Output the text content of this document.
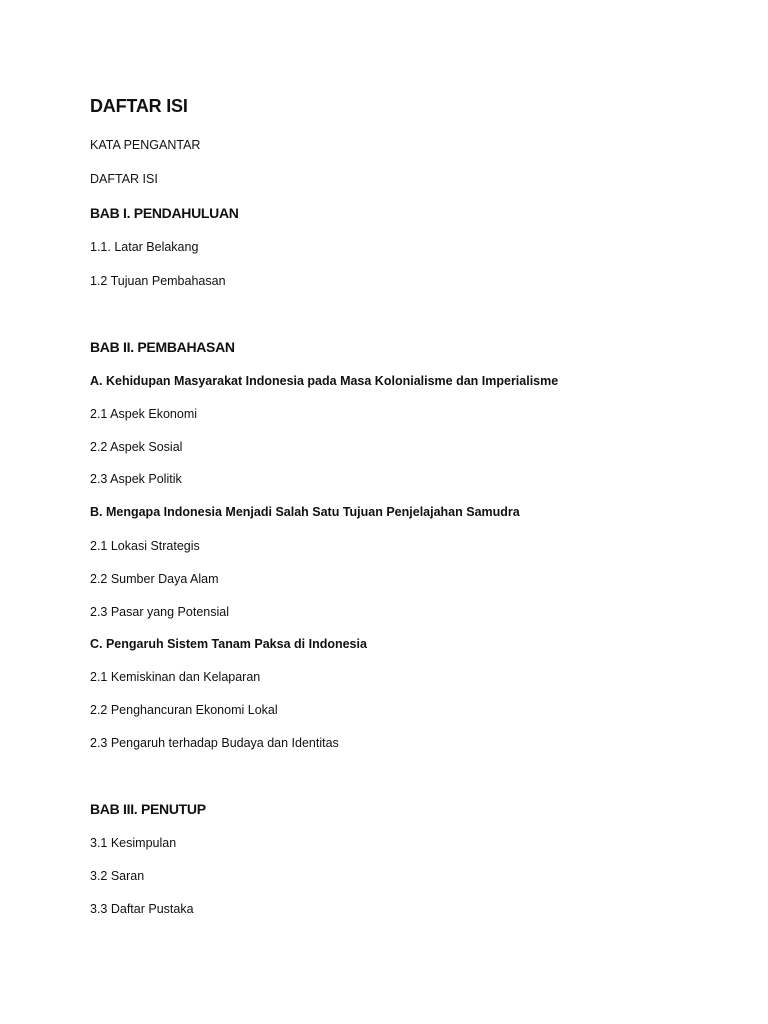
DAFTAR ISI
KATA PENGANTAR
DAFTAR ISI
BAB I. PENDAHULUAN
1.1. Latar Belakang
1.2 Tujuan Pembahasan
BAB II. PEMBAHASAN
A. Kehidupan Masyarakat Indonesia pada Masa Kolonialisme dan Imperialisme
2.1 Aspek Ekonomi
2.2 Aspek Sosial
2.3 Aspek Politik
B. Mengapa Indonesia Menjadi Salah Satu Tujuan Penjelajahan Samudra
2.1 Lokasi Strategis
2.2 Sumber Daya Alam
2.3 Pasar yang Potensial
C. Pengaruh Sistem Tanam Paksa di Indonesia
2.1 Kemiskinan dan Kelaparan
2.2 Penghancuran Ekonomi Lokal
2.3 Pengaruh terhadap Budaya dan Identitas
BAB III. PENUTUP
3.1 Kesimpulan
3.2 Saran
3.3 Daftar Pustaka
